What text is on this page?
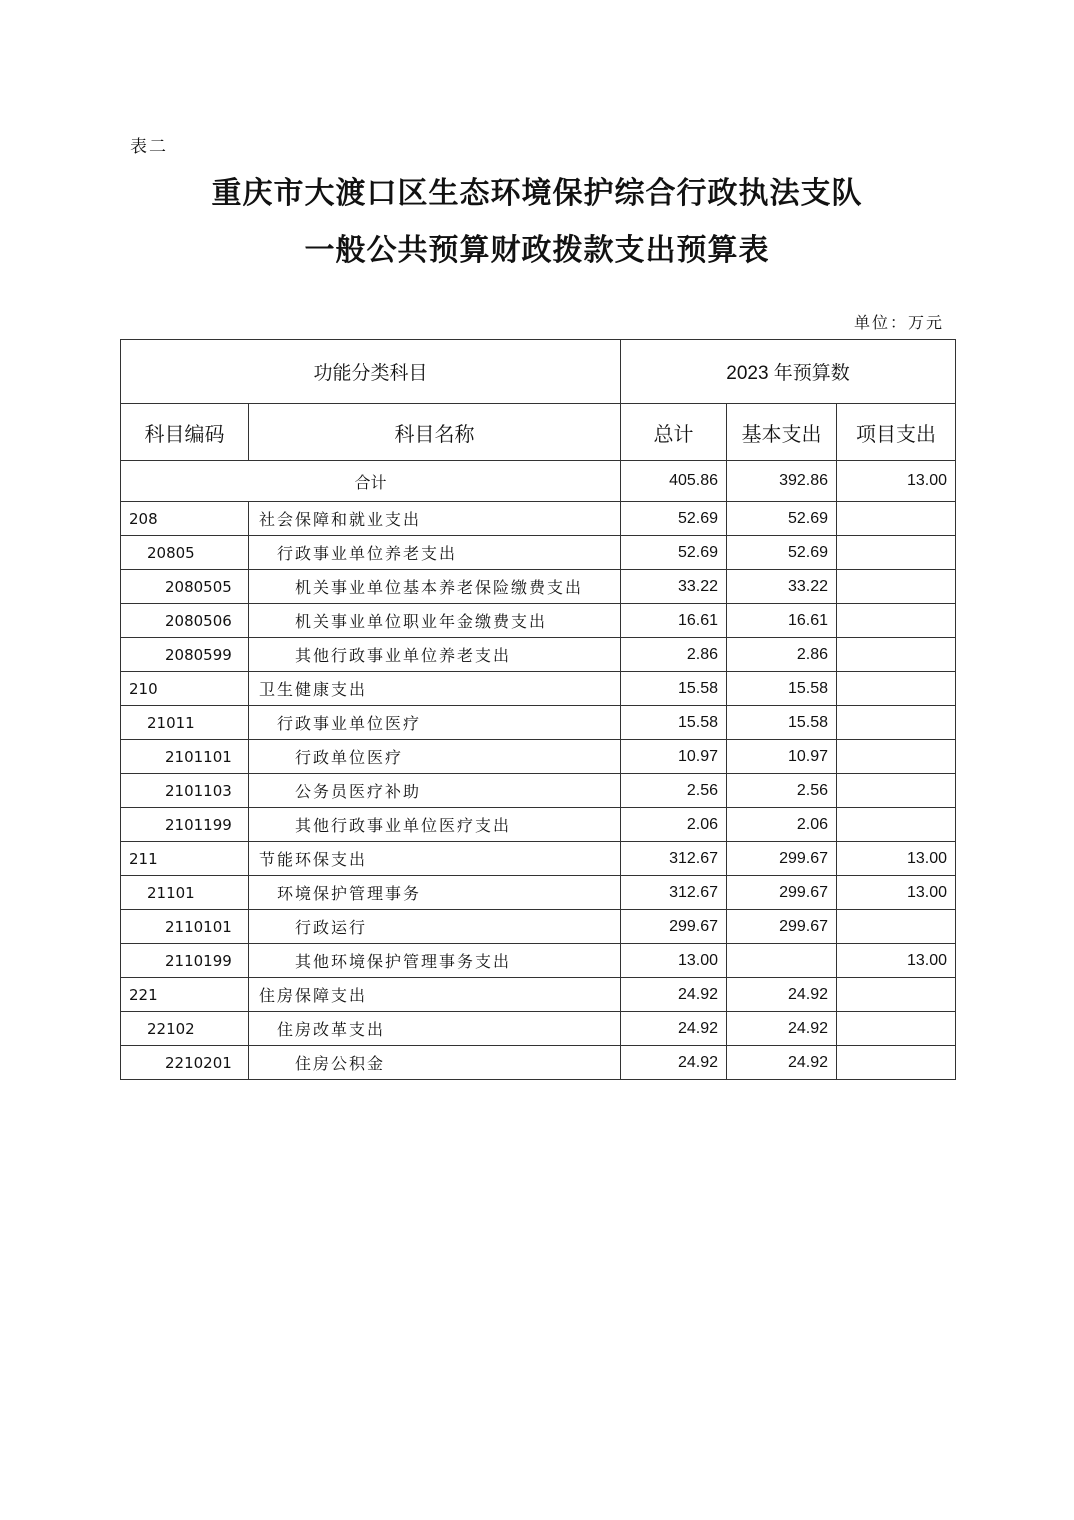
表二
重庆市大渡口区生态环境保护综合行政执法支队
一般公共预算财政拨款支出预算表
单位：万元
功能分类科目		2023 年预算数		
科目编码	科目名称	总计	基本支出	项目支出
合计		405.86	392.86	13.00
208	社会保障和就业支出	52.69	52.69	
20805	行政事业单位养老支出	52.69	52.69	
2080505	机关事业单位基本养老保险缴费支出	33.22	33.22	
2080506	机关事业单位职业年金缴费支出	16.61	16.61	
2080599	其他行政事业单位养老支出	2.86	2.86	
210	卫生健康支出	15.58	15.58	
21011	行政事业单位医疗	15.58	15.58	
2101101	行政单位医疗	10.97	10.97	
2101103	公务员医疗补助	2.56	2.56	
2101199	其他行政事业单位医疗支出	2.06	2.06	
211	节能环保支出	312.67	299.67	13.00
21101	环境保护管理事务	312.67	299.67	13.00
2110101	行政运行	299.67	299.67	
2110199	其他环境保护管理事务支出	13.00		13.00
221	住房保障支出	24.92	24.92	
22102	住房改革支出	24.92	24.92	
2210201	住房公积金	24.92	24.92	
